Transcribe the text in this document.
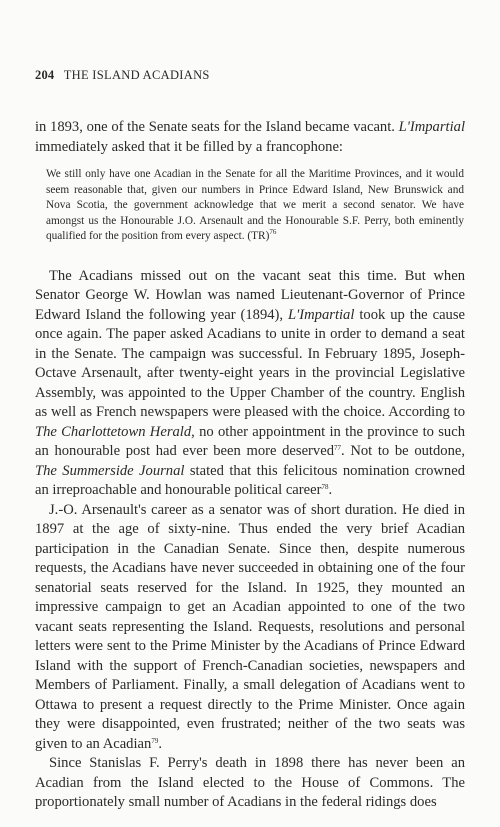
204 THE ISLAND ACADIANS

in 1893, one of the Senate seats for the Island became vacant. L'Impartial immediately asked that it be filled by a francophone:

We still only have one Acadian in the Senate for all the Maritime Provinces, and it would seem reasonable that, given our numbers in Prince Edward Island, New Brunswick and Nova Scotia, the government acknowledge that we merit a second senator. We have amongst us the Honourable J.O. Arsenault and the Honourable S.F. Perry, both eminently qualified for the position from every aspect. (TR)$^{76}$

The Acadians missed out on the vacant seat this time. But when Senator George W. Howlan was named Lieutenant-Governor of Prince Edward Island the following year (1894), L'Impartial took up the cause once again. The paper asked Acadians to unite in order to demand a seat in the Senate. The campaign was successful. In February 1895, Joseph-Octave Arsenault, after twenty-eight years in the provincial Legislative Assembly, was appointed to the Upper Chamber of the country. English as well as French newspapers were pleased with the choice. According to The Charlottetown Herald, no other appointment in the province to such an honourable post had ever been more deserved$^{77}$. Not to be outdone, The Summerside Journal stated that this felicitous nomination crowned an irreproachable and honourable political career$^{78}$.

J.-O. Arsenault's career as a senator was of short duration. He died in 1897 at the age of sixty-nine. Thus ended the very brief Acadian participation in the Canadian Senate. Since then, despite numerous requests, the Acadians have never succeeded in obtaining one of the four senatorial seats reserved for the Island. In 1925, they mounted an impressive campaign to get an Acadian appointed to one of the two vacant seats representing the Island. Requests, resolutions and personal letters were sent to the Prime Minister by the Acadians of Prince Edward Island with the support of French-Canadian societies, newspapers and Members of Parliament. Finally, a small delegation of Acadians went to Ottawa to present a request directly to the Prime Minister. Once again they were disappointed, even frustrated; neither of the two seats was given to an Acadian$^{79}$.

Since Stanislas F. Perry's death in 1898 there has never been an Acadian from the Island elected to the House of Commons. The proportionately small number of Acadians in the federal ridings does
